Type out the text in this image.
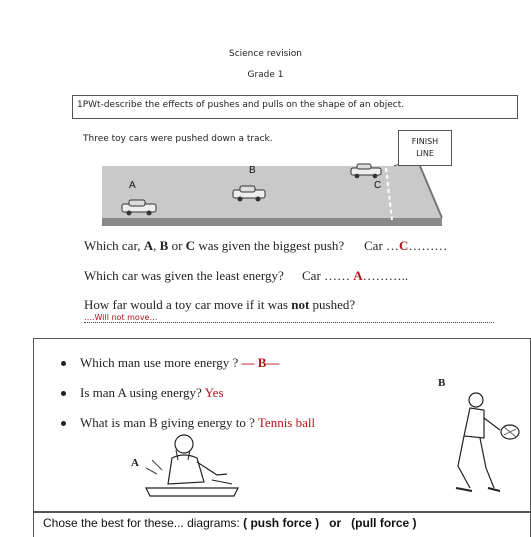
Science revision
Grade 1
1PWt-describe the effects of pushes and pulls on the shape of an object.
Three toy cars were pushed down a track.
A
B
C
FINISH
LINE
Which car, A, B or C was given the biggest push? Car …C………
Which car was given the least energy? Car …… A………..
How far would a toy car move if it was not pushed?
….Will not move…
Which man use more energy ? — B—
Is man A using energy? Yes
What is man B giving energy to ? Tennis ball
A
B
Chose the best for these... diagrams: ( push force ) or (pull force )
